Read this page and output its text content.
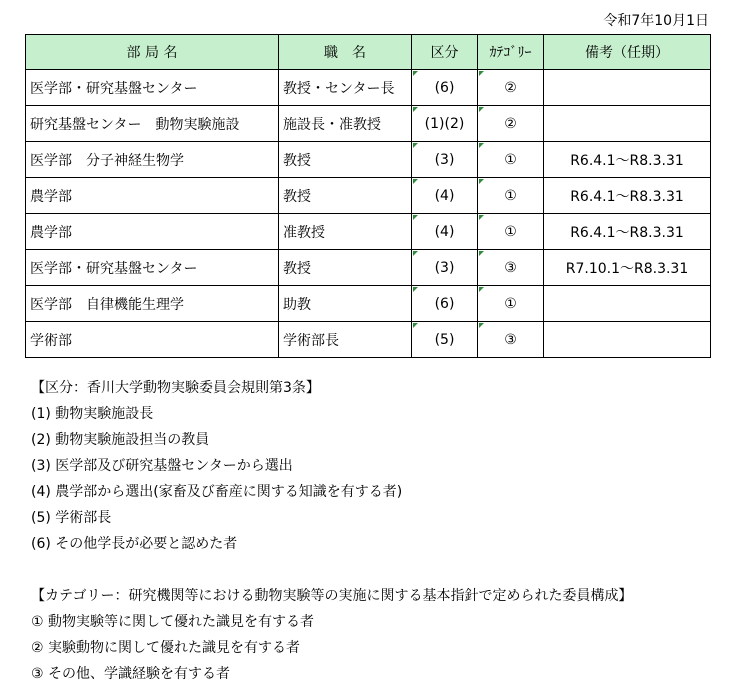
令和7年10月1日
部 局 名	職　名	区分	ｶﾃｺﾞﾘｰ	備考（任期）
医学部・研究基盤センター	教授・センター長	(6)	②	
研究基盤センター　動物実験施設	施設長・准教授	(1)(2)	②	
医学部　分子神経生物学	教授	(3)	①	R6.4.1～R8.3.31
農学部	教授	(4)	①	R6.4.1～R8.3.31
農学部	准教授	(4)	①	R6.4.1～R8.3.31
医学部・研究基盤センター	教授	(3)	③	R7.10.1～R8.3.31
医学部　自律機能生理学	助教	(6)	①	
学術部	学術部長	(5)	③	
【区分：香川大学動物実験委員会規則第3条】
(1) 動物実験施設長
(2) 動物実験施設担当の教員
(3) 医学部及び研究基盤センターから選出
(4) 農学部から選出(家畜及び畜産に関する知識を有する者)
(5) 学術部長
(6) その他学長が必要と認めた者
【カテゴリー：研究機関等における動物実験等の実施に関する基本指針で定められた委員構成】
① 動物実験等に関して優れた識見を有する者
② 実験動物に関して優れた識見を有する者
③ その他、学識経験を有する者
